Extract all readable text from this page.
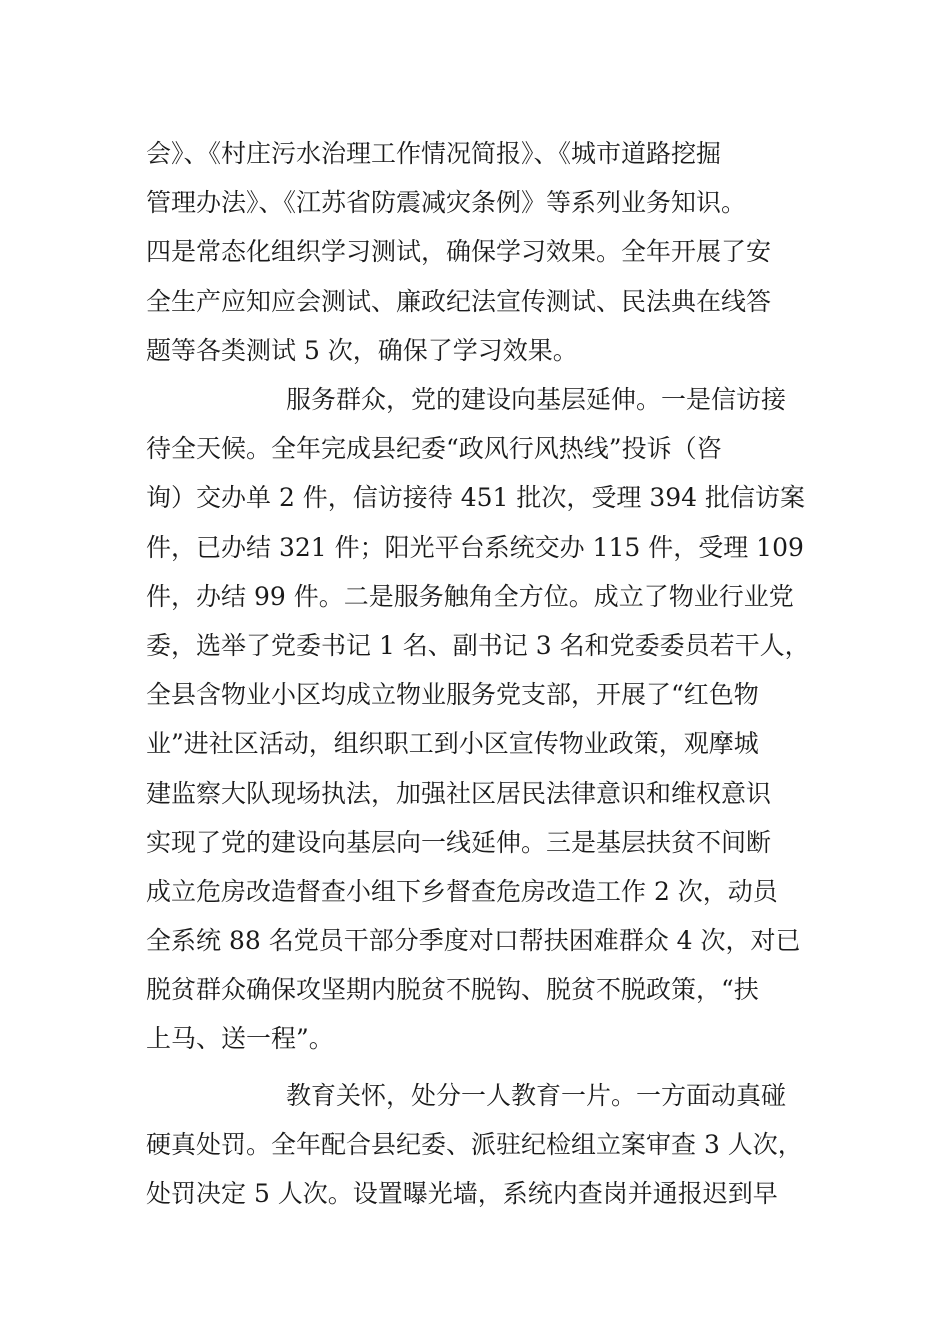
会》、《村庄污水治理工作情况简报》、《城市道路挖掘
管理办法》、《江苏省防震减灾条例》等系列业务知识。
四是常态化组织学习测试，确保学习效果。全年开展了安
全生产应知应会测试、廉政纪法宣传测试、民法典在线答
题等各类测试 5 次，确保了学习效果。
服务群众，党的建设向基层延伸。一是信访接
待全天候。全年完成县纪委“政风行风热线”投诉（咨
询）交办单 2 件，信访接待 451 批次，受理 394 批信访案
件，已办结 321 件；阳光平台系统交办 115 件，受理 109
件，办结 99 件。二是服务触角全方位。成立了物业行业党
委，选举了党委书记 1 名、副书记 3 名和党委委员若干人，
全县含物业小区均成立物业服务党支部，开展了“红色物
业”进社区活动，组织职工到小区宣传物业政策，观摩城
建监察大队现场执法，加强社区居民法律意识和维权意识
实现了党的建设向基层向一线延伸。三是基层扶贫不间断
成立危房改造督查小组下乡督查危房改造工作 2 次，动员
全系统 88 名党员干部分季度对口帮扶困难群众 4 次，对已
脱贫群众确保攻坚期内脱贫不脱钩、脱贫不脱政策，“扶
上马、送一程”。
教育关怀，处分一人教育一片。一方面动真碰
硬真处罚。全年配合县纪委、派驻纪检组立案审查 3 人次，
处罚决定 5 人次。设置曝光墙，系统内查岗并通报迟到早
